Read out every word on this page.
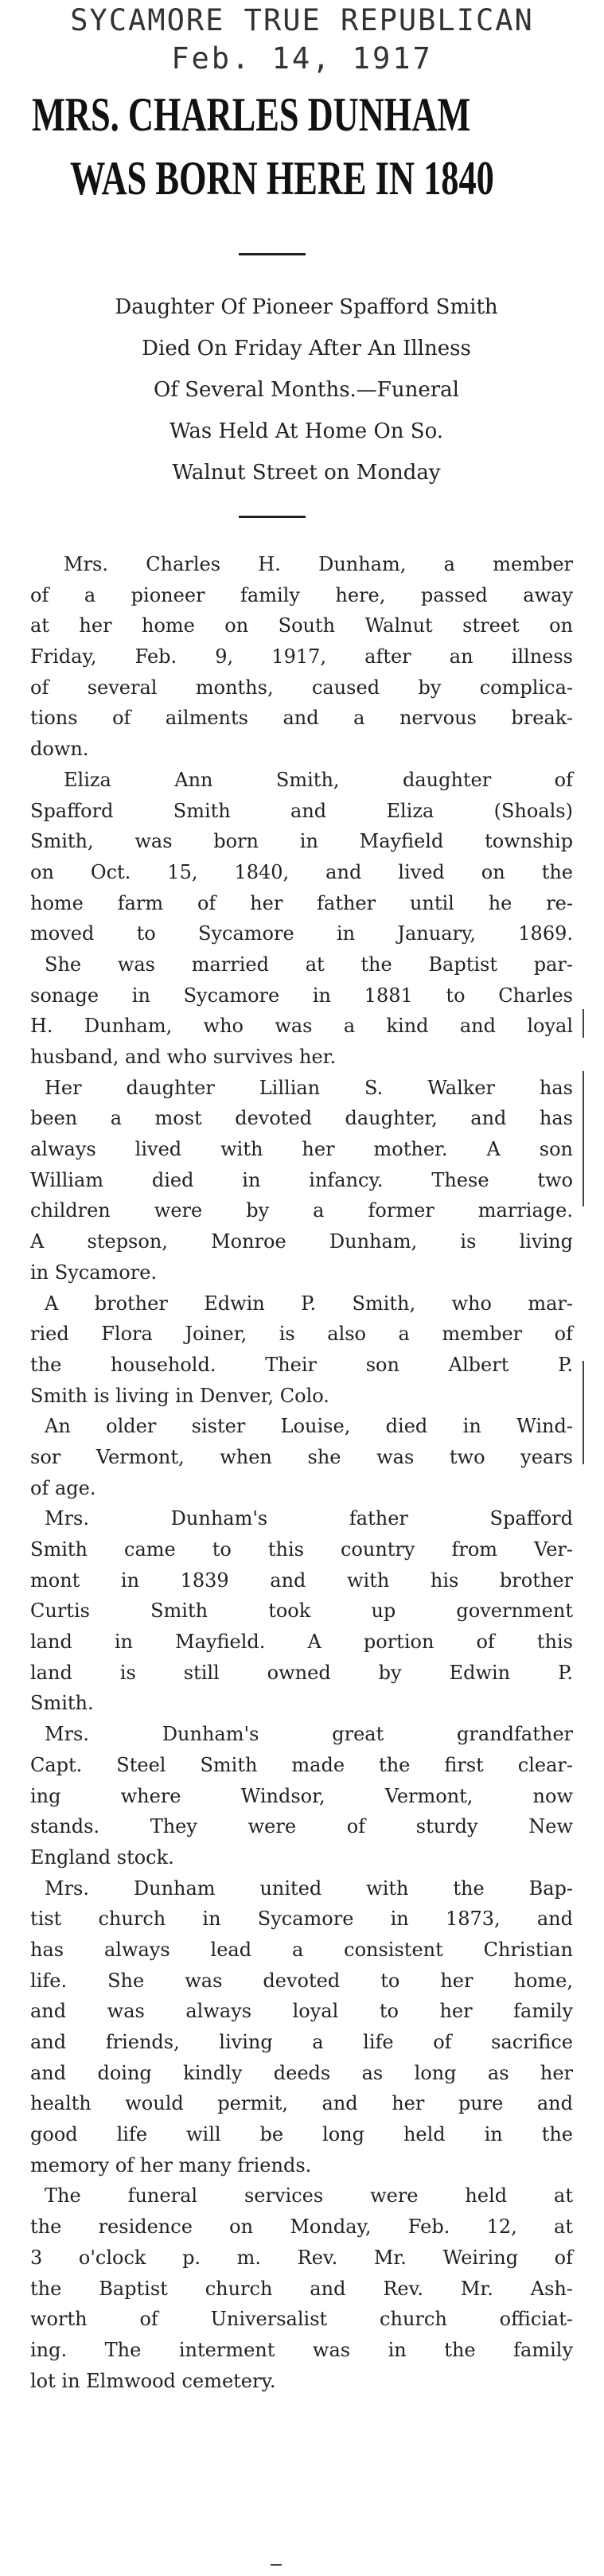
SYCAMORE TRUE REPUBLICAN
Feb. 14, 1917
MRS. CHARLES DUNHAM
WAS BORN HERE IN 1840
Daughter Of Pioneer Spafford Smith
Died On Friday After An Illness
Of Several Months.—Funeral
Was Held At Home On So.
Walnut Street on Monday
Mrs. Charles H. Dunham, a member
of a pioneer family here, passed away
at her home on South Walnut street on
Friday, Feb. 9, 1917, after an illness
of several months, caused by complica-
tions of ailments and a nervous break-
down.
Eliza Ann Smith, daughter of
Spafford Smith and Eliza (Shoals)
Smith, was born in Mayfield township
on Oct. 15, 1840, and lived on the
home farm of her father until he re-
moved to Sycamore in January, 1869.
She was married at the Baptist par-
sonage in Sycamore in 1881 to Charles
H. Dunham, who was a kind and loyal
husband, and who survives her.
Her daughter Lillian S. Walker has
been a most devoted daughter, and has
always lived with her mother. A son
William died in infancy. These two
children were by a former marriage.
A stepson, Monroe Dunham, is living
in Sycamore.
A brother Edwin P. Smith, who mar-
ried Flora Joiner, is also a member of
the household. Their son Albert P.
Smith is living in Denver, Colo.
An older sister Louise, died in Wind-
sor Vermont, when she was two years
of age.
Mrs. Dunham's father Spafford
Smith came to this country from Ver-
mont in 1839 and with his brother
Curtis Smith took up government
land in Mayfield. A portion of this
land is still owned by Edwin P.
Smith.
Mrs. Dunham's great grandfather
Capt. Steel Smith made the first clear-
ing where Windsor, Vermont, now
stands. They were of sturdy New
England stock.
Mrs. Dunham united with the Bap-
tist church in Sycamore in 1873, and
has always lead a consistent Christian
life. She was devoted to her home,
and was always loyal to her family
and friends, living a life of sacrifice
and doing kindly deeds as long as her
health would permit, and her pure and
good life will be long held in the
memory of her many friends.
The funeral services were held at
the residence on Monday, Feb. 12, at
3 o'clock p. m. Rev. Mr. Weiring of
the Baptist church and Rev. Mr. Ash-
worth of Universalist church officiat-
ing. The interment was in the family
lot in Elmwood cemetery.
